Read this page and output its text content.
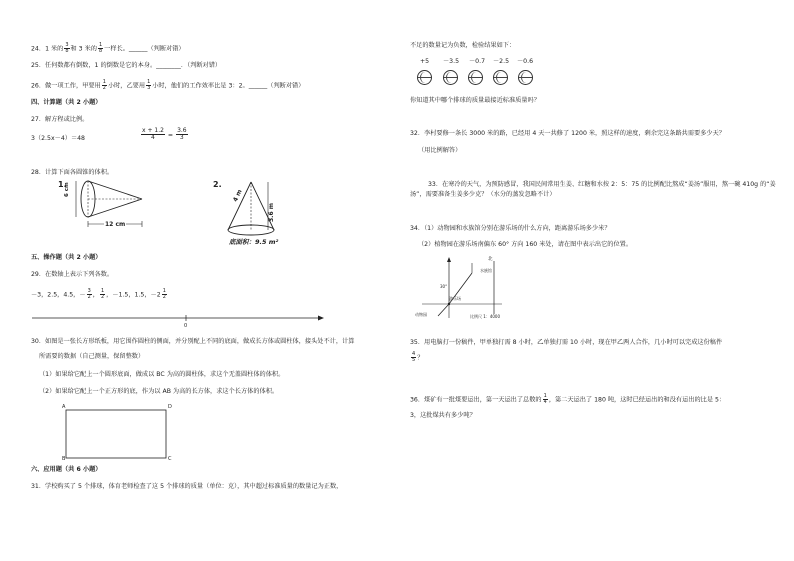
24．1 米的 $\frac{3}{8}$ 和 3 米的 $\frac{1}{8}$ 一样长。______（判断对错）
25．任何数都有倒数，1 的倒数是它的本身。________．（判断对错）
26．做一项工作，甲要用 $\frac{1}{2}$ 小时，乙要用 $\frac{1}{3}$ 小时，他们的工作效率比是 3：2。______（判断对错）
四、计算题（共 2 小题）
27．解方程或比例。
3（2.5x－4）＝48	$\frac{x + 1.2}{4} = \frac{3.6}{3}$
28．计算下面各圆锥的体积。
1.
6 cm
12 cm
2.
4 m
3.6 m
底面积：9.5 m²
五、操作题（共 2 小题）
29．在数轴上表示下列各数。
－3，2.5，4.5，－ $\frac{3}{2}$ ， $\frac{1}{2}$ ，－1.5，1.5，$-2 \frac{1}{2}$
0
30．如图是一张长方形纸板，用它围作圆柱的侧面，并分别配上不同的底面，做成长方体或圆柱体，接头处不计，计算
所需要的数据（自己测量，保留整数）
（1）如果给它配上一个圆形底面，做成以 BC 为高的圆柱体，求这个无盖圆柱体的体积。
（2）如果给它配上一个正方形的底，作为以 AB 为高的长方体，求这个长方体的体积。
A	D
B	C
六、应用题（共 6 小题）
31．学校购买了 5 个排球，体育老师检查了这 5 个排球的质量（单位：克），其中超过标准质量的数量记为正数，
不足的数量记为负数，检验结果如下：
+5 －3.5 －0.7 －2.5 －0.6
你知道其中哪个排球的质量最接近标准质量吗？
32．李村要修一条长 3000 米的路，已经用 4 天一共修了 1200 米，照这样的速度，剩余完这条路共需要多少天？
（用比例解答）
33．在寒冷的天气，为预防感冒，我国民间常用生姜、红糖和水按 2：5：75 的比例配比熬成“姜汤”服用，熬一碗 410g 的“姜汤”，需要准备生姜多少克？（水分的蒸发忽略不计）
34．（1）动物园和水族馆分别在游乐场的什么方向，距离游乐场多少米？
（2）植物园在游乐场南偏东 60° 方向 160 米处，请在图中表示出它的位置。
北
水族馆
30°
游乐场
动物园	比例尺 1：4000
35．用电脑打一份稿件，甲单独打需 8 小时，乙单独打需 10 小时，现在甲乙两人合作，几小时可以完成这份稿件
$\frac{4}{5}$ ？
36．煤矿有一批煤要运出，第一天运出了总数的 $\frac{1}{4}$ ，第二天运出了 180 吨，这时已经运出的和没有运出的比是 5：
3，这批煤共有多少吨？
